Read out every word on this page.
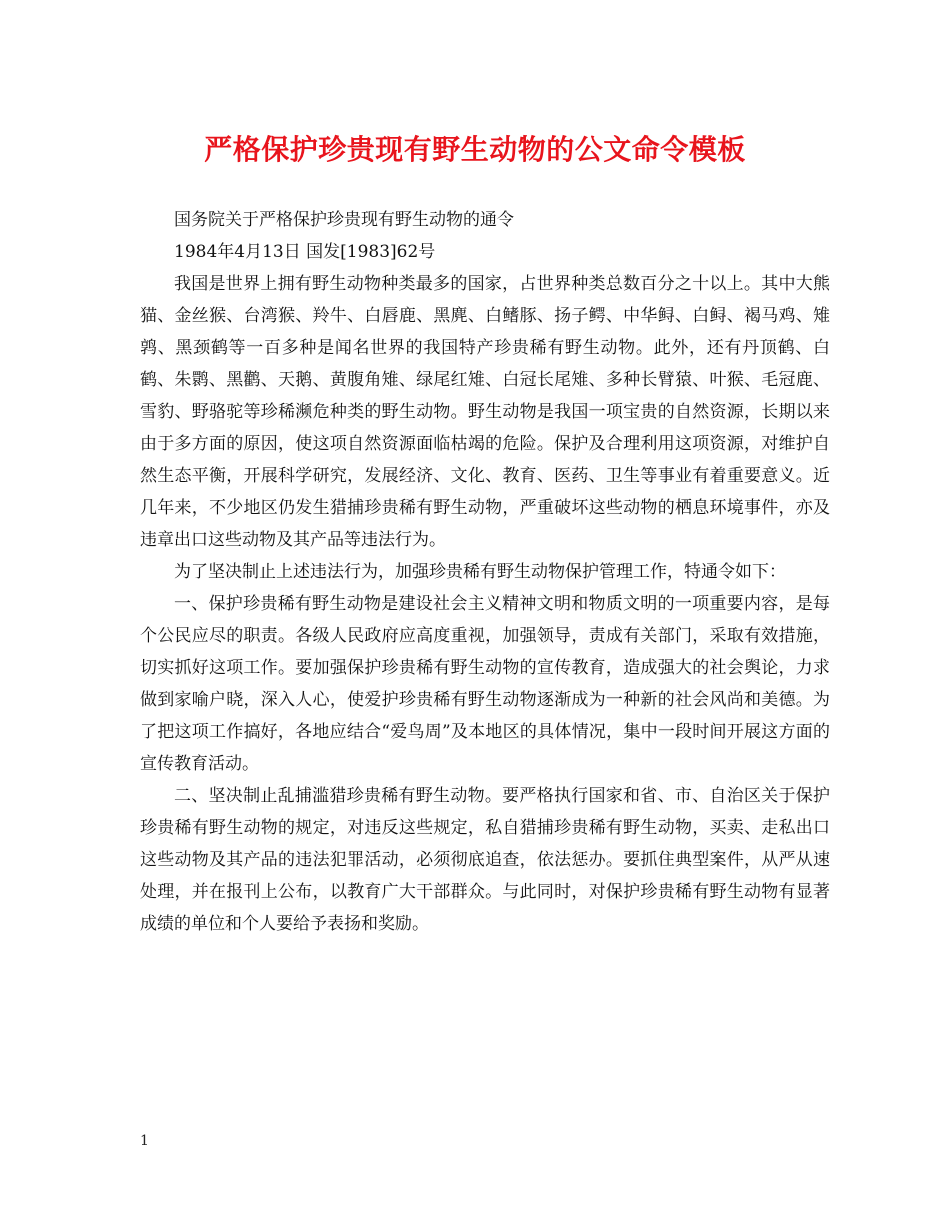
严格保护珍贵现有野生动物的公文命令模板

国务院关于严格保护珍贵现有野生动物的通令

1984年4月13日 国发[1983]62号

我国是世界上拥有野生动物种类最多的国家，占世界种类总数百分之十以上。其中大熊猫、金丝猴、台湾猴、羚牛、白唇鹿、黑麂、白鳍豚、扬子鳄、中华鲟、白鲟、褐马鸡、雉鹑、黑颈鹤等一百多种是闻名世界的我国特产珍贵稀有野生动物。此外，还有丹顶鹤、白鹤、朱鹮、黑鹳、天鹅、黄腹角雉、绿尾红雉、白冠长尾雉、多种长臂猿、叶猴、毛冠鹿、雪豹、野骆驼等珍稀濒危种类的野生动物。野生动物是我国一项宝贵的自然资源，长期以来由于多方面的原因，使这项自然资源面临枯竭的危险。保护及合理利用这项资源，对维护自然生态平衡，开展科学研究，发展经济、文化、教育、医药、卫生等事业有着重要意义。近几年来，不少地区仍发生猎捕珍贵稀有野生动物，严重破坏这些动物的栖息环境事件，亦及违章出口这些动物及其产品等违法行为。

为了坚决制止上述违法行为，加强珍贵稀有野生动物保护管理工作，特通令如下：

一、保护珍贵稀有野生动物是建设社会主义精神文明和物质文明的一项重要内容，是每个公民应尽的职责。各级人民政府应高度重视，加强领导，责成有关部门，采取有效措施，切实抓好这项工作。要加强保护珍贵稀有野生动物的宣传教育，造成强大的社会舆论，力求做到家喻户晓，深入人心，使爱护珍贵稀有野生动物逐渐成为一种新的社会风尚和美德。为了把这项工作搞好，各地应结合“爱鸟周”及本地区的具体情况，集中一段时间开展这方面的宣传教育活动。

二、坚决制止乱捕滥猎珍贵稀有野生动物。要严格执行国家和省、市、自治区关于保护珍贵稀有野生动物的规定，对违反这些规定，私自猎捕珍贵稀有野生动物，买卖、走私出口这些动物及其产品的违法犯罪活动，必须彻底追查，依法惩办。要抓住典型案件，从严从速处理，并在报刊上公布，以教育广大干部群众。与此同时，对保护珍贵稀有野生动物有显著成绩的单位和个人要给予表扬和奖励。

1
